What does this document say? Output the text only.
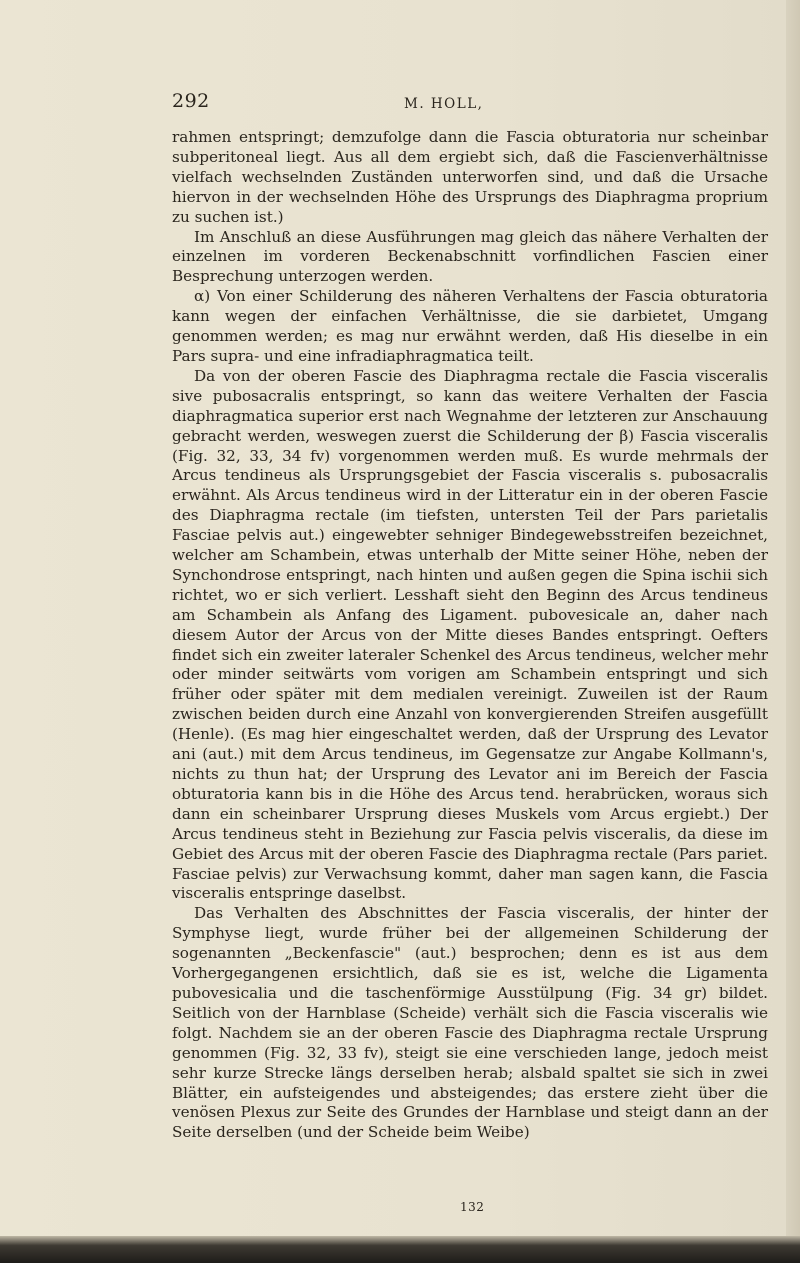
292	M. HOLL,

rahmen entspringt; demzufolge dann die Fascia obturatoria nur scheinbar subperitoneal liegt. Aus all dem ergiebt sich, daß die Fascienverhältnisse vielfach wechselnden Zuständen unterworfen sind, und daß die Ursache hiervon in der wechselnden Höhe des Ursprungs des Diaphragma proprium zu suchen ist.)

Im Anschluß an diese Ausführungen mag gleich das nähere Verhalten der einzelnen im vorderen Beckenabschnitt vorfindlichen Fascien einer Besprechung unterzogen werden.

α) Von einer Schilderung des näheren Verhaltens der Fascia obturatoria kann wegen der einfachen Verhältnisse, die sie darbietet, Umgang genommen werden; es mag nur erwähnt werden, daß His dieselbe in ein Pars supra- und eine infradiaphragmatica teilt.

Da von der oberen Fascie des Diaphragma rectale die Fascia visceralis sive pubosacralis entspringt, so kann das weitere Verhalten der Fascia diaphragmatica superior erst nach Wegnahme der letzteren zur Anschauung gebracht werden, weswegen zuerst die Schilderung der β) Fascia visceralis (Fig. 32, 33, 34 fv) vorgenommen werden muß. Es wurde mehrmals der Arcus tendineus als Ursprungsgebiet der Fascia visceralis s. pubosacralis erwähnt. Als Arcus tendineus wird in der Litteratur ein in der oberen Fascie des Diaphragma rectale (im tiefsten, untersten Teil der Pars parietalis Fasciae pelvis aut.) eingewebter sehniger Bindegewebsstreifen bezeichnet, welcher am Schambein, etwas unterhalb der Mitte seiner Höhe, neben der Synchondrose entspringt, nach hinten und außen gegen die Spina ischii sich richtet, wo er sich verliert. Lesshaft sieht den Beginn des Arcus tendineus am Schambein als Anfang des Ligament. pubovesicale an, daher nach diesem Autor der Arcus von der Mitte dieses Bandes entspringt. Oefters findet sich ein zweiter lateraler Schenkel des Arcus tendineus, welcher mehr oder minder seitwärts vom vorigen am Schambein entspringt und sich früher oder später mit dem medialen vereinigt. Zuweilen ist der Raum zwischen beiden durch eine Anzahl von konvergierenden Streifen ausgefüllt (Henle). (Es mag hier eingeschaltet werden, daß der Ursprung des Levator ani (aut.) mit dem Arcus tendineus, im Gegensatze zur Angabe Kollmann's, nichts zu thun hat; der Ursprung des Levator ani im Bereich der Fascia obturatoria kann bis in die Höhe des Arcus tend. herabrücken, woraus sich dann ein scheinbarer Ursprung dieses Muskels vom Arcus ergiebt.) Der Arcus tendineus steht in Beziehung zur Fascia pelvis visceralis, da diese im Gebiet des Arcus mit der oberen Fascie des Diaphragma rectale (Pars pariet. Fasciae pelvis) zur Verwachsung kommt, daher man sagen kann, die Fascia visceralis entspringe daselbst.

Das Verhalten des Abschnittes der Fascia visceralis, der hinter der Symphyse liegt, wurde früher bei der allgemeinen Schilderung der sogenannten „Beckenfascie" (aut.) besprochen; denn es ist aus dem Vorhergegangenen ersichtlich, daß sie es ist, welche die Ligamenta pubovesicalia und die taschenförmige Ausstülpung (Fig. 34 gr) bildet. Seitlich von der Harnblase (Scheide) verhält sich die Fascia visceralis wie folgt. Nachdem sie an der oberen Fascie des Diaphragma rectale Ursprung genommen (Fig. 32, 33 fv), steigt sie eine verschieden lange, jedoch meist sehr kurze Strecke längs derselben herab; alsbald spaltet sie sich in zwei Blätter, ein aufsteigendes und absteigendes; das erstere zieht über die venösen Plexus zur Seite des Grundes der Harnblase und steigt dann an der Seite derselben (und der Scheide beim Weibe)

132
